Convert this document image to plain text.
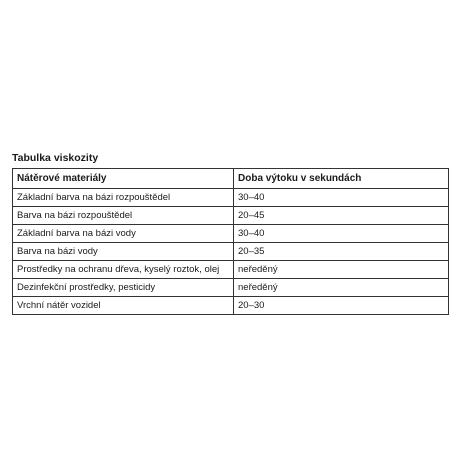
Tabulka viskozity
Nátěrové materiály	Doba výtoku v sekundách
Základní barva na bázi rozpouštědel	30–40
Barva na bázi rozpouštědel	20–45
Základní barva na bázi vody	30–40
Barva na bázi vody	20–35
Prostředky na ochranu dřeva, kyselý roztok, olej	neředěný
Dezinfekční prostředky, pesticidy	neředěný
Vrchní nátěr vozidel	20–30
